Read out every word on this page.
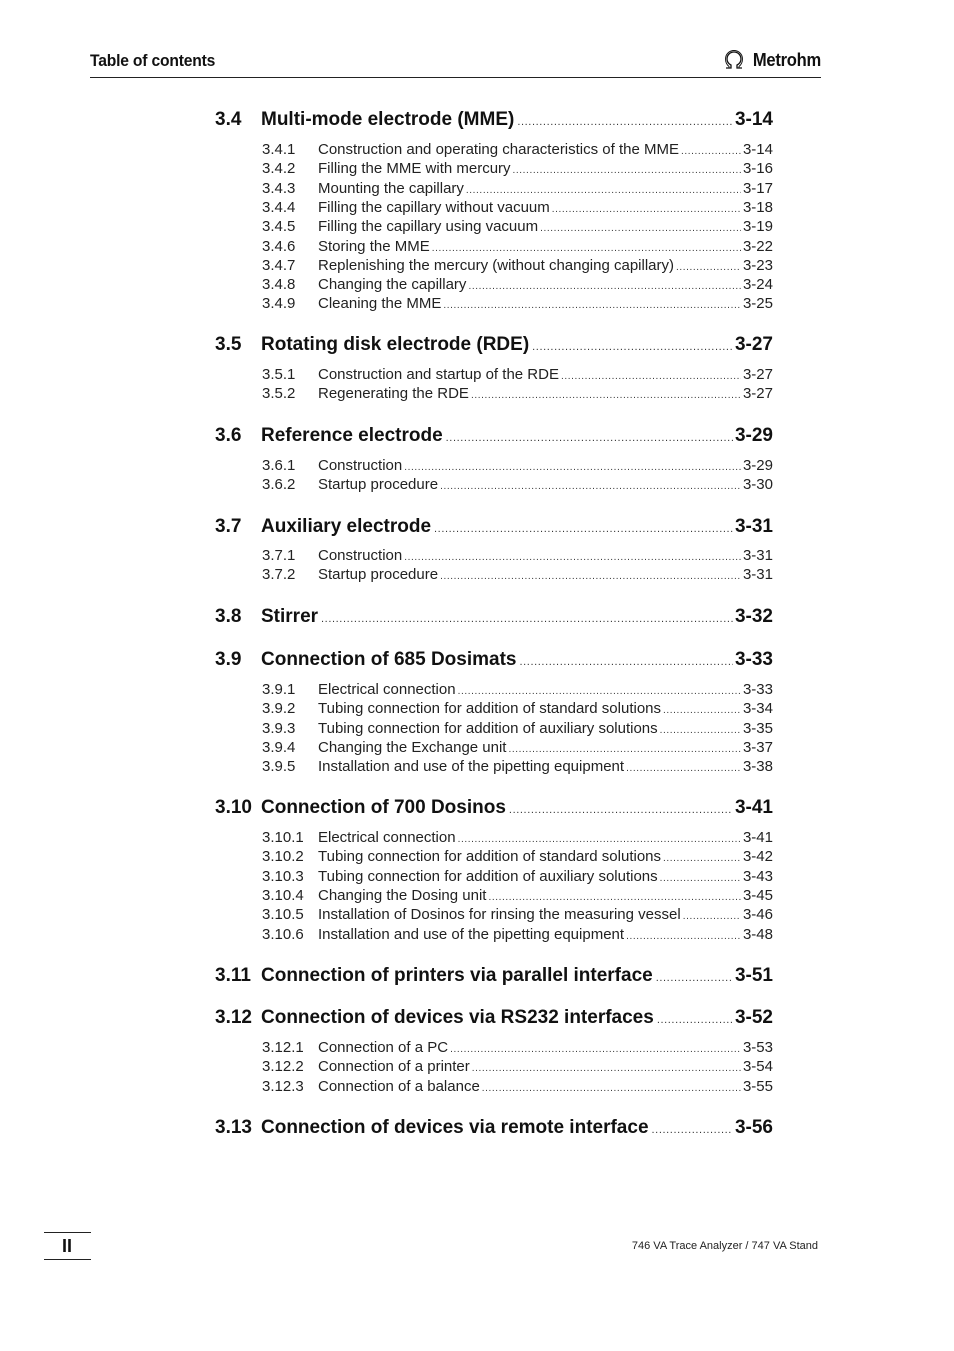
Table of contents	Metrohm
3.4 Multi-mode electrode (MME) .....	3-14
3.4.1 Construction and operating characteristics of the MME .....	3-14
3.4.2 Filling the MME with mercury .....	3-16
3.4.3 Mounting the capillary .....	3-17
3.4.4 Filling the capillary without vacuum .....	3-18
3.4.5 Filling the capillary using vacuum .....	3-19
3.4.6 Storing the MME .....	3-22
3.4.7 Replenishing the mercury (without changing capillary) .....	3-23
3.4.8 Changing the capillary .....	3-24
3.4.9 Cleaning the MME .....	3-25
3.5 Rotating disk electrode (RDE) .....	3-27
3.5.1 Construction and startup of the RDE .....	3-27
3.5.2 Regenerating the RDE .....	3-27
3.6 Reference electrode .....	3-29
3.6.1 Construction .....	3-29
3.6.2 Startup procedure .....	3-30
3.7 Auxiliary electrode .....	3-31
3.7.1 Construction .....	3-31
3.7.2 Startup procedure .....	3-31
3.8 Stirrer .....	3-32
3.9 Connection of 685 Dosimats .....	3-33
3.9.1 Electrical connection .....	3-33
3.9.2 Tubing connection for addition of standard solutions .....	3-34
3.9.3 Tubing connection for addition of auxiliary solutions .....	3-35
3.9.4 Changing the Exchange unit .....	3-37
3.9.5 Installation and use of the pipetting equipment .....	3-38
3.10 Connection of 700 Dosinos .....	3-41
3.10.1 Electrical connection .....	3-41
3.10.2 Tubing connection for addition of standard solutions .....	3-42
3.10.3 Tubing connection for addition of auxiliary solutions .....	3-43
3.10.4 Changing the Dosing unit .....	3-45
3.10.5 Installation of Dosinos for rinsing the measuring vessel .....	3-46
3.10.6 Installation and use of the pipetting equipment .....	3-48
3.11 Connection of printers via parallel interface .....	3-51
3.12 Connection of devices via RS232 interfaces .....	3-52
3.12.1 Connection of a PC .....	3-53
3.12.2 Connection of a printer .....	3-54
3.12.3 Connection of a balance .....	3-55
3.13 Connection of devices via remote interface .....	3-56
II	746 VA Trace Analyzer / 747 VA Stand
